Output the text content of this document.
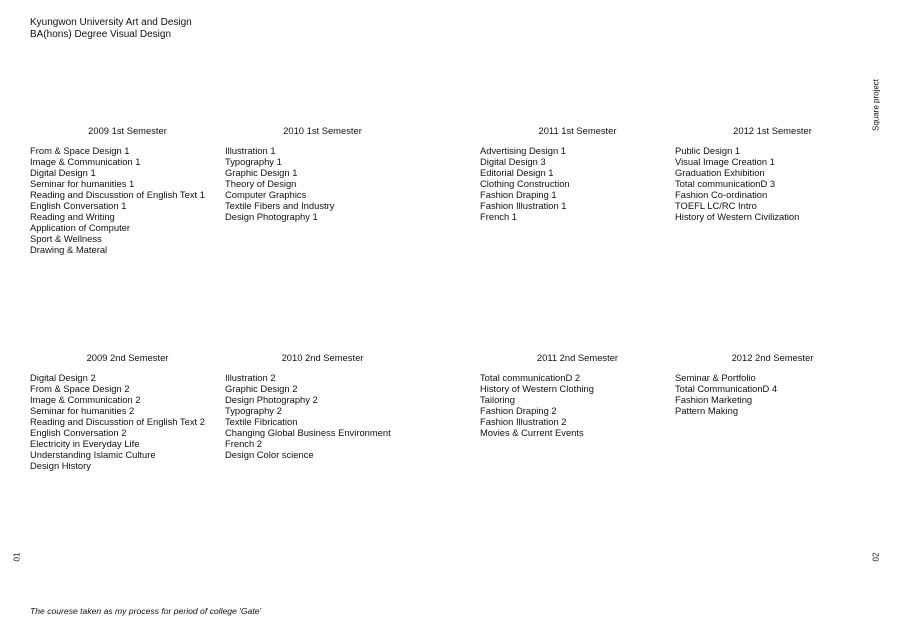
Kyungwon University Art and Design
BA(hons) Degree Visual Design
Square project
2009 1st Semester
From & Space Design 1
Image & Communication 1
Digital Design 1
Seminar for humanities 1
Reading and Discusstion of English Text 1
English Conversation 1
Reading and Writing
Application of Computer
Sport & Wellness
Drawing & Materal
2010 1st Semester
Illustration 1
Typography 1
Graphic Design 1
Theory of Design
Computer Graphics
Textile Fibers and Industry
Design Photography 1
2011 1st Semester
Advertising Design 1
Digital Design 3
Editorial Design 1
Clothing Construction
Fashion Draping 1
Fashion Illustration 1
French 1
2012 1st Semester
Public Design 1
Visual Image Creation 1
Graduation Exhibition
Total communicationD 3
Fashion Co-ordination
TOEFL LC/RC Intro
History of Western Civilization
2009 2nd Semester
Digital Design 2
From & Space Design 2
Image & Communication 2
Seminar for humanities 2
Reading and Discusstion of English Text 2
English Conversation 2
Electricity in Everyday Life
Understanding Islamic Culture
Design History
2010 2nd Semester
Illustration 2
Graphic Design 2
Design Photography 2
Typography 2
Textile Fibrication
Changing Global Business Environment
French 2
Design Color science
2011 2nd Semester
Total communicationD 2
History of Western Clothing
Tailoring
Fashion Draping 2
Fashion Illustration 2
Movies & Current Events
2012 2nd Semester
Seminar & Portfolio
Total CommunicationD 4
Fashion Marketing
Pattern Making
01	02
The courese taken as my process for period of college 'Gate'
